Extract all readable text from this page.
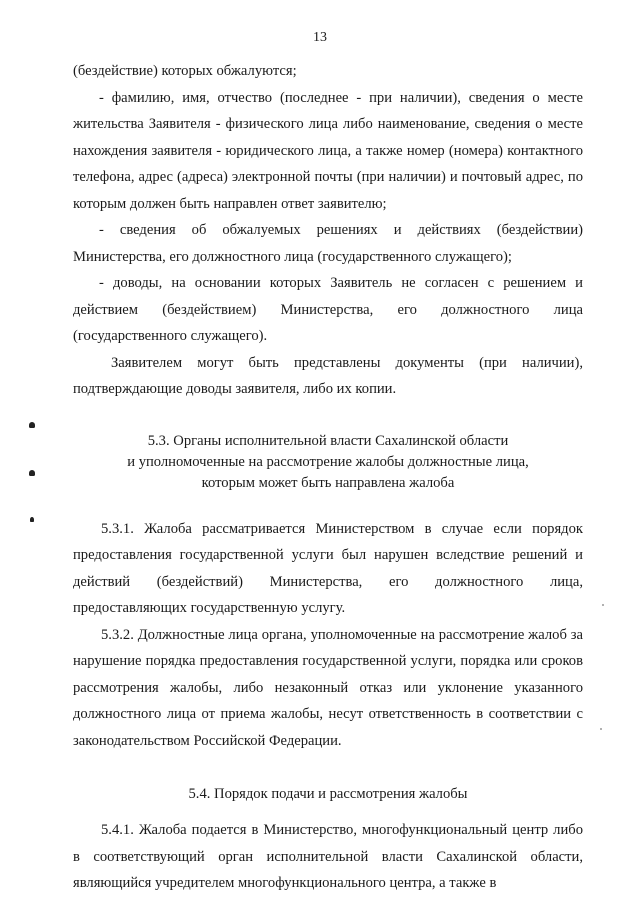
13

(бездействие) которых обжалуются;

- фамилию, имя, отчество (последнее - при наличии), сведения о месте жительства Заявителя - физического лица либо наименование, сведения о месте нахождения заявителя - юридического лица, а также номер (номера) контактного телефона, адрес (адреса) электронной почты (при наличии) и почтовый адрес, по которым должен быть направлен ответ заявителю;

- сведения об обжалуемых решениях и действиях (бездействии) Министерства, его должностного лица (государственного служащего);

- доводы, на основании которых Заявитель не согласен с решением и действием (бездействием) Министерства, его должностного лица (государственного служащего).

Заявителем могут быть представлены документы (при наличии), подтверждающие доводы заявителя, либо их копии.

5.3. Органы исполнительной власти Сахалинской области
и уполномоченные на рассмотрение жалобы должностные лица,
которым может быть направлена жалоба

5.3.1. Жалоба рассматривается Министерством в случае если порядок предоставления государственной услуги был нарушен вследствие решений и действий (бездействий) Министерства, его должностного лица, предоставляющих государственную услугу.

5.3.2. Должностные лица органа, уполномоченные на рассмотрение жалоб за нарушение порядка предоставления государственной услуги, порядка или сроков рассмотрения жалобы, либо незаконный отказ или уклонение указанного должностного лица от приема жалобы, несут ответственность в соответствии с законодательством Российской Федерации.

5.4. Порядок подачи и рассмотрения жалобы

5.4.1. Жалоба подается в Министерство, многофункциональный центр либо в соответствующий орган исполнительной власти Сахалинской области, являющийся учредителем многофункционального центра, а также в
